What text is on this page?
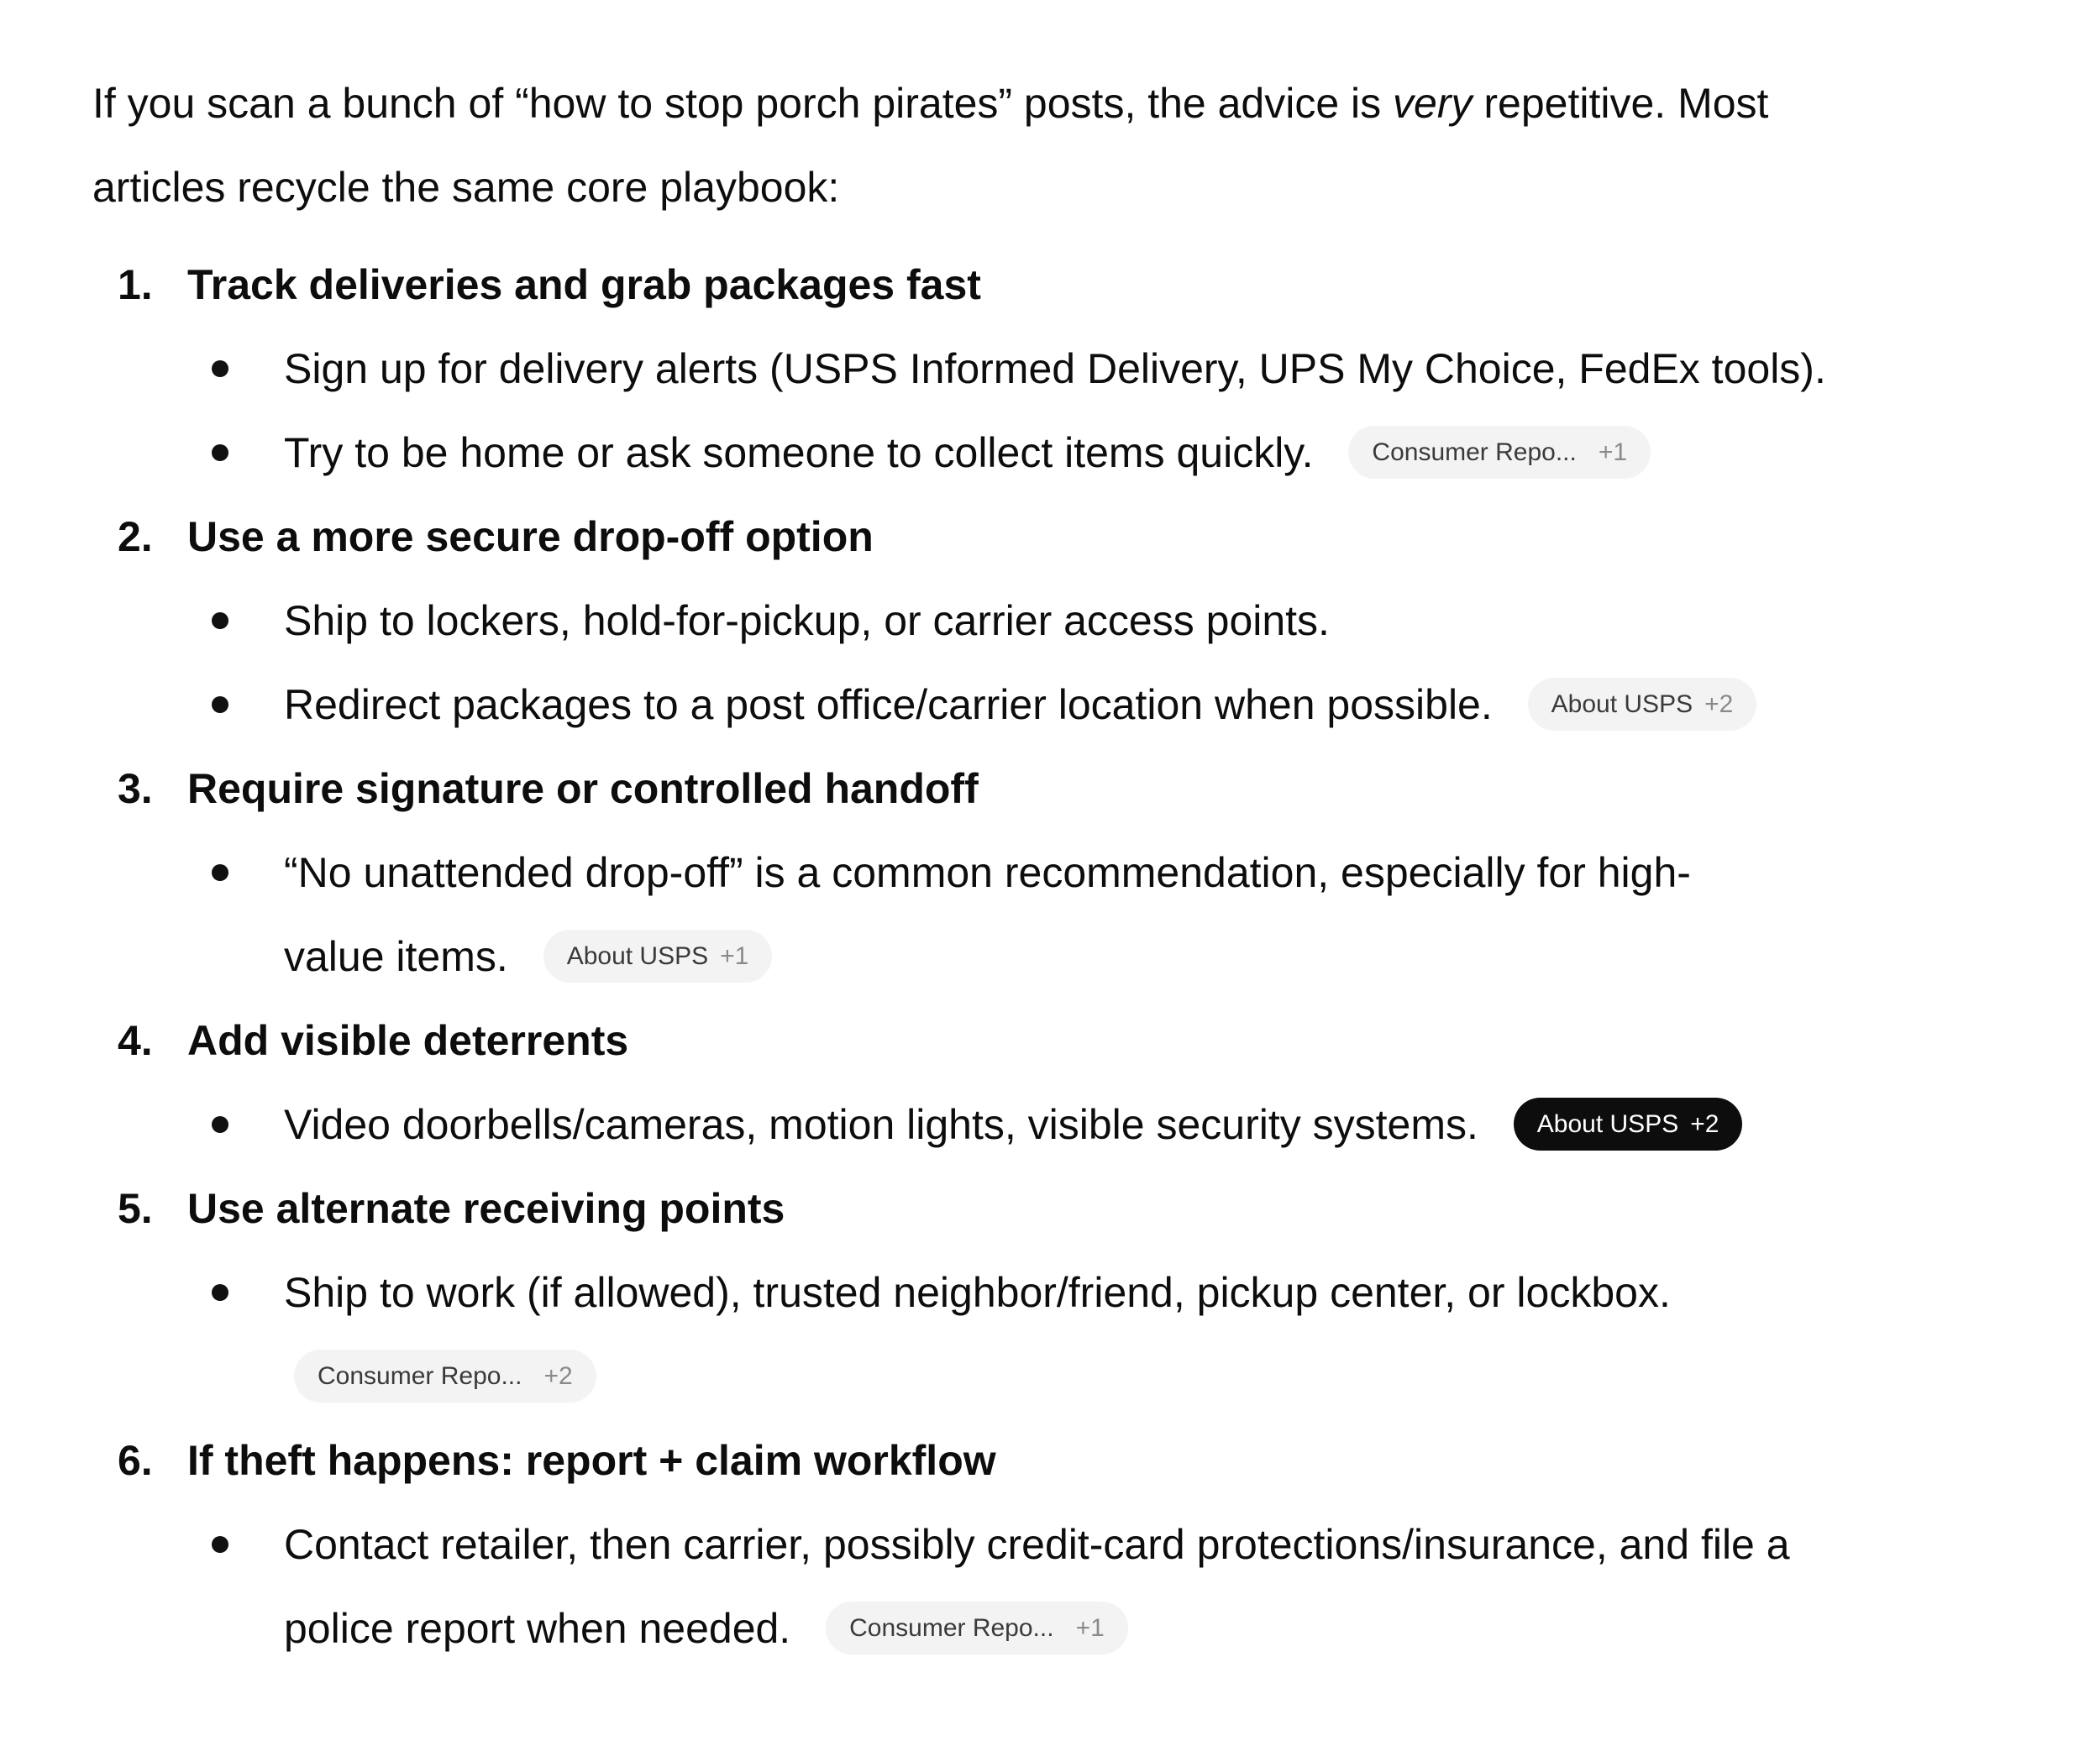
If you scan a bunch of “how to stop porch pirates” posts, the advice is very repetitive. Most
articles recycle the same core playbook:
1. Track deliveries and grab packages fast
Sign up for delivery alerts (USPS Informed Delivery, UPS My Choice, FedEx tools).
Try to be home or ask someone to collect items quickly. Consumer Repo... +1
2. Use a more secure drop-off option
Ship to lockers, hold-for-pickup, or carrier access points.
Redirect packages to a post office/carrier location when possible. About USPS +2
3. Require signature or controlled handoff
“No unattended drop-off” is a common recommendation, especially for high-
value items. About USPS +1
4. Add visible deterrents
Video doorbells/cameras, motion lights, visible security systems. About USPS +2
5. Use alternate receiving points
Ship to work (if allowed), trusted neighbor/friend, pickup center, or lockbox.
Consumer Repo... +2
6. If theft happens: report + claim workflow
Contact retailer, then carrier, possibly credit-card protections/insurance, and file a
police report when needed. Consumer Repo... +1
